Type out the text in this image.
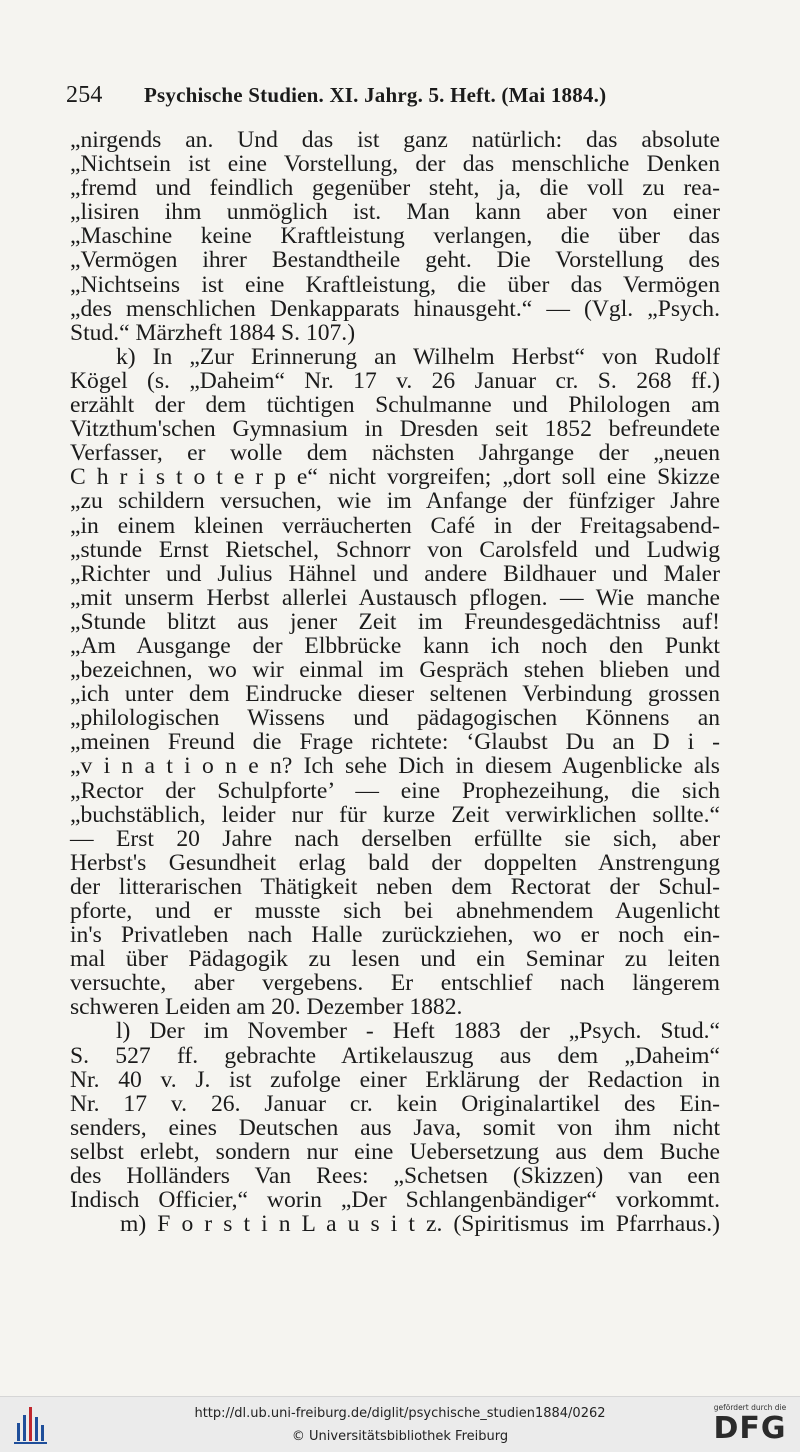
254	Psychische Studien. XI. Jahrg. 5. Heft. (Mai 1884.)
„nirgends an. Und das ist ganz natürlich: das absolute
„Nichtsein ist eine Vorstellung, der das menschliche Denken
„fremd und feindlich gegenüber steht, ja, die voll zu rea-
„lisiren ihm unmöglich ist. Man kann aber von einer
„Maschine keine Kraftleistung verlangen, die über das
„Vermögen ihrer Bestandtheile geht. Die Vorstellung des
„Nichtseins ist eine Kraftleistung, die über das Vermögen
„des menschlichen Denkapparats hinausgeht.“ — (Vgl. „Psych.
Stud.“ Märzheft 1884 S. 107.)
k) In „Zur Erinnerung an Wilhelm Herbst“ von Rudolf
Kögel (s. „Daheim“ Nr. 17 v. 26 Januar cr. S. 268 ff.)
erzählt der dem tüchtigen Schulmanne und Philologen am
Vitzthum'schen Gymnasium in Dresden seit 1852 befreundete
Verfasser, er wolle dem nächsten Jahrgange der „neuen
C h r i s t o t e r p e“ nicht vorgreifen; „dort soll eine Skizze
„zu schildern versuchen, wie im Anfange der fünfziger Jahre
„in einem kleinen verräucherten Café in der Freitagsabend-
„stunde Ernst Rietschel, Schnorr von Carolsfeld und Ludwig
„Richter und Julius Hähnel und andere Bildhauer und Maler
„mit unserm Herbst allerlei Austausch pflogen. — Wie manche
„Stunde blitzt aus jener Zeit im Freundesgedächtniss auf!
„Am Ausgange der Elbbrücke kann ich noch den Punkt
„bezeichnen, wo wir einmal im Gespräch stehen blieben und
„ich unter dem Eindrucke dieser seltenen Verbindung grossen
„philologischen Wissens und pädagogischen Könnens an
„meinen Freund die Frage richtete: ‘Glaubst Du an D i -
„v i n a t i o n e n? Ich sehe Dich in diesem Augenblicke als
„Rector der Schulpforte’ — eine Prophezeihung, die sich
„buchstäblich, leider nur für kurze Zeit verwirklichen sollte.“
— Erst 20 Jahre nach derselben erfüllte sie sich, aber
Herbst's Gesundheit erlag bald der doppelten Anstrengung
der litterarischen Thätigkeit neben dem Rectorat der Schul-
pforte, und er musste sich bei abnehmendem Augenlicht
in's Privatleben nach Halle zurückziehen, wo er noch ein-
mal über Pädagogik zu lesen und ein Seminar zu leiten
versuchte, aber vergebens. Er entschlief nach längerem
schweren Leiden am 20. Dezember 1882.
l) Der im November - Heft 1883 der „Psych. Stud.“
S. 527 ff. gebrachte Artikelauszug aus dem „Daheim“
Nr. 40 v. J. ist zufolge einer Erklärung der Redaction in
Nr. 17 v. 26. Januar cr. kein Originalartikel des Ein-
senders, eines Deutschen aus Java, somit von ihm nicht
selbst erlebt, sondern nur eine Uebersetzung aus dem Buche
des Holländers Van Rees: „Schetsen (Skizzen) van een
Indisch Officier,“ worin „Der Schlangenbändiger“ vorkommt.
m) F o r s t i n L a u s i t z. (Spiritismus im Pfarrhaus.)
http://dl.ub.uni-freiburg.de/diglit/psychische_studien1884/0262
© Universitätsbibliothek Freiburg
gefördert durch die
DFG
